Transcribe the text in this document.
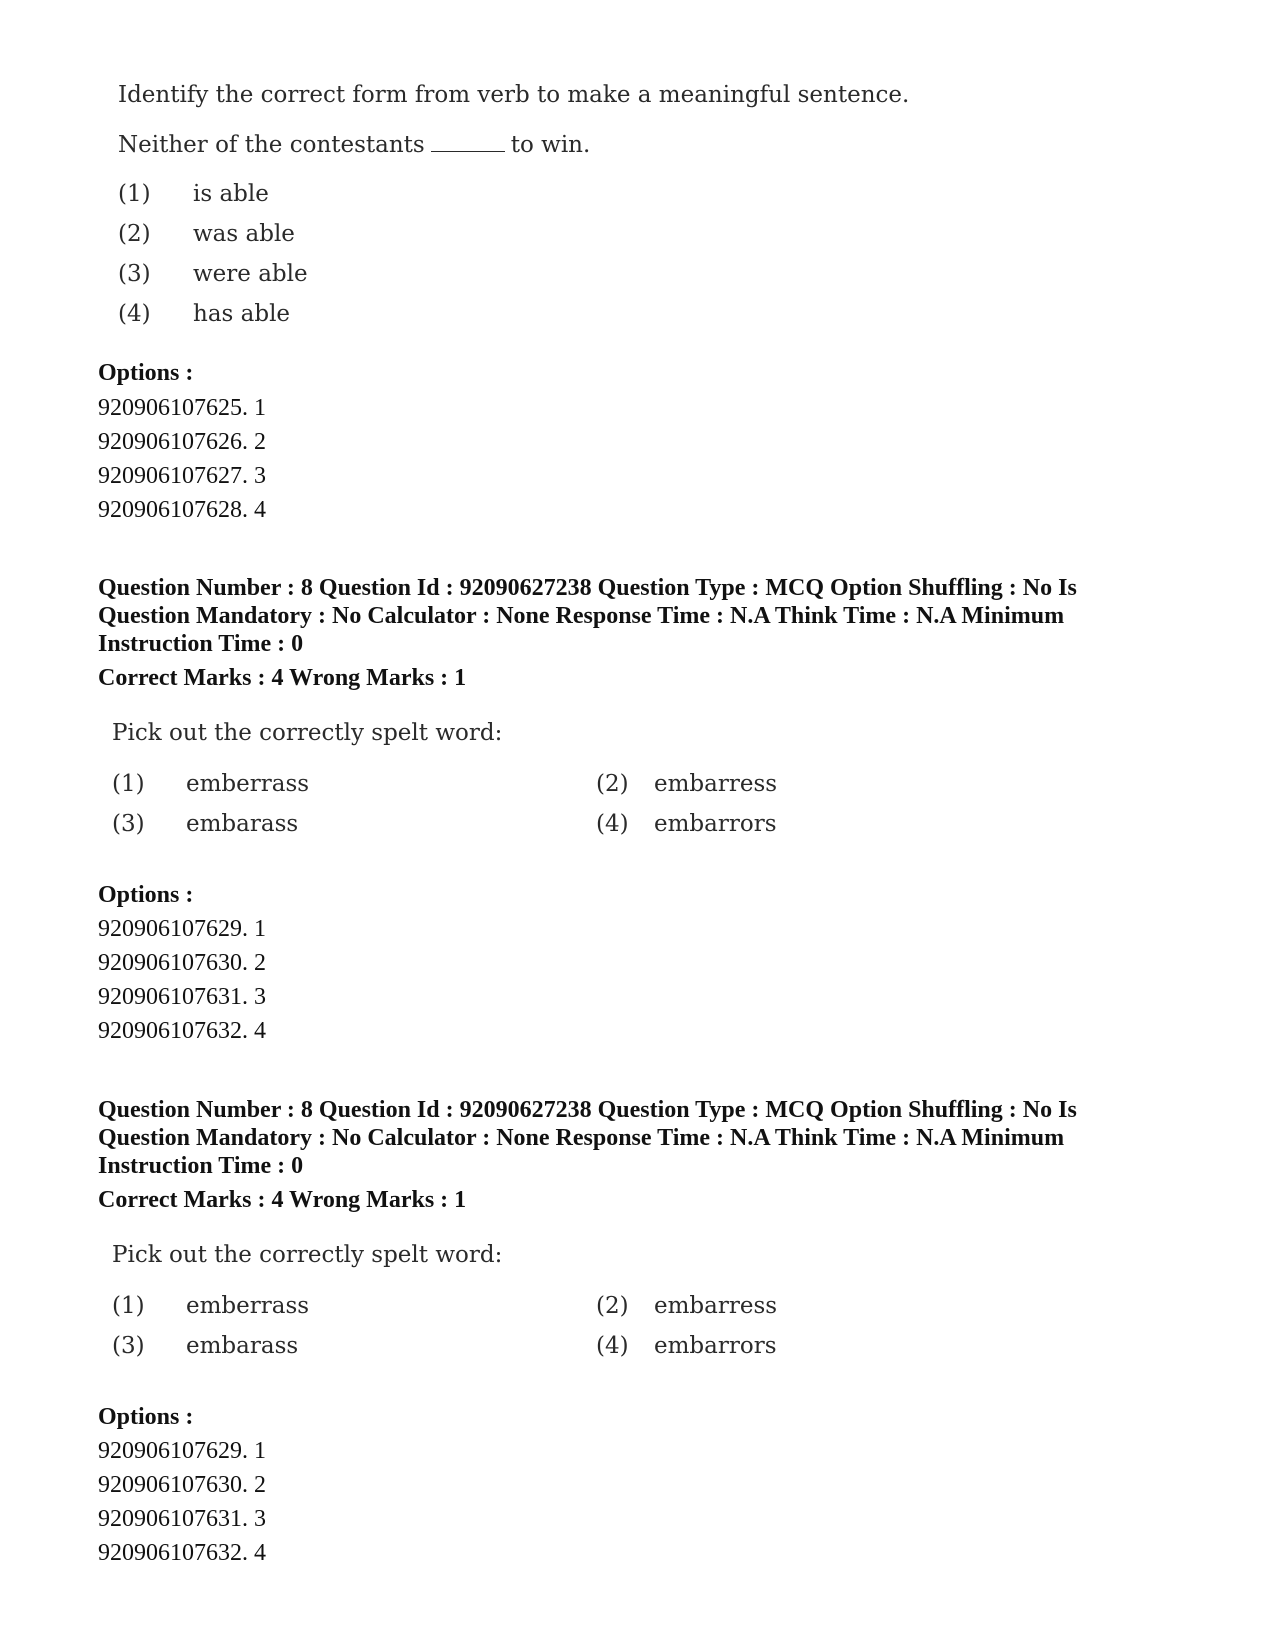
Identify the correct form from verb to make a meaningful sentence.
Neither of the contestants	to win.
(1) is able
(2) was able
(3) were able
(4) has able
Options :
920906107625. 1
920906107626. 2
920906107627. 3
920906107628. 4
Question Number : 8 Question Id : 92090627238 Question Type : MCQ Option Shuffling : No Is
Question Mandatory : No Calculator : None Response Time : N.A Think Time : N.A Minimum
Instruction Time : 0
Correct Marks : 4 Wrong Marks : 1
Pick out the correctly spelt word:
(1) emberrass	(2) embarress
(3) embarass	(4) embarrors
Options :
920906107629. 1
920906107630. 2
920906107631. 3
920906107632. 4
Question Number : 8 Question Id : 92090627238 Question Type : MCQ Option Shuffling : No Is
Question Mandatory : No Calculator : None Response Time : N.A Think Time : N.A Minimum
Instruction Time : 0
Correct Marks : 4 Wrong Marks : 1
Pick out the correctly spelt word:
(1) emberrass	(2) embarress
(3) embarass	(4) embarrors
Options :
920906107629. 1
920906107630. 2
920906107631. 3
920906107632. 4
